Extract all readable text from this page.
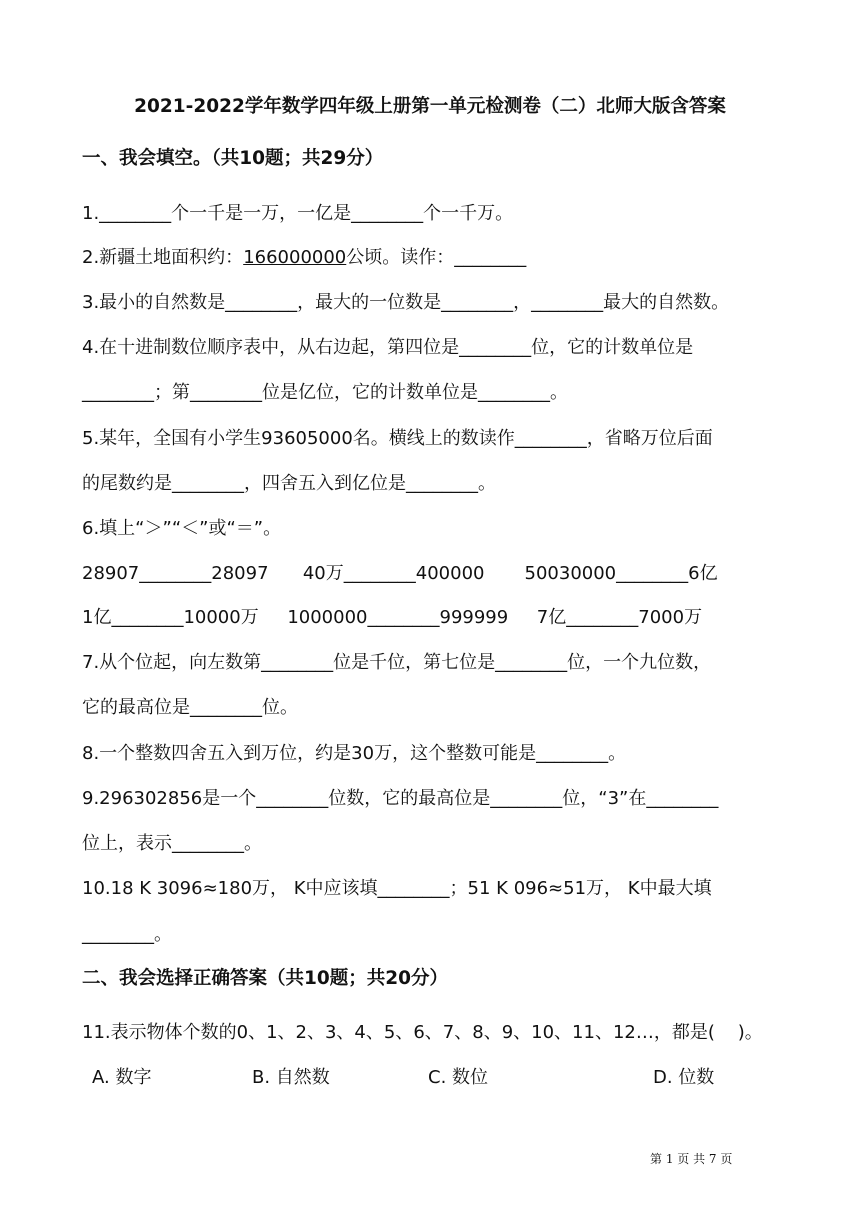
2021-2022学年数学四年级上册第一单元检测卷（二）北师大版含答案
一、我会填空。（共10题；共29分）
1.________个一千是一万，一亿是________个一千万。
2.新疆土地面积约：166000000公顷。读作：________
3.最小的自然数是________，最大的一位数是________，________最大的自然数。
4.在十进制数位顺序表中，从右边起，第四位是________位，它的计数单位是
________；第________位是亿位，它的计数单位是________。
5.某年，全国有小学生93605000名。横线上的数读作________，省略万位后面
的尾数约是________，四舍五入到亿位是________。
6.填上“＞”“＜”或“＝”。
28907________28097      40万________400000       50030000________6亿
1亿________10000万     1000000________999999     7亿________7000万
7.从个位起，向左数第________位是千位，第七位是________位，一个九位数，
它的最高位是________位。
8.一个整数四舍五入到万位，约是30万，这个整数可能是________。
9.296302856是一个________位数，它的最高位是________位，“3”在________
位上，表示________。
10.18 K 3096≈180万， K中应该填________；51 K 096≈51万， K中最大填
________。
二、我会选择正确答案（共10题；共20分）
11.表示物体个数的0、1、2、3、4、5、6、7、8、9、10、11、12…，都是(    )。
A. 数字	B. 自然数	C. 数位	D. 位数
第 1 页 共 7 页
